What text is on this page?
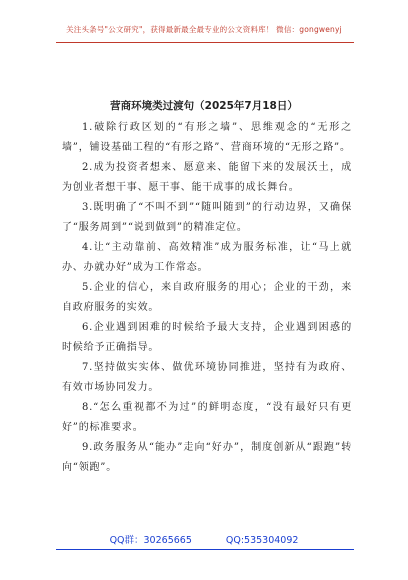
关注头条号"公文研究"，获得最新最全最专业的公文资料库！ 微信：gongwenyj
营商环境类过渡句（2025年7月18日）

1.破除行政区划的“有形之墙”、思维观念的“无形之墙”，铺设基础工程的“有形之路”、营商环境的“无形之路”。

2.成为投资者想来、愿意来、能留下来的发展沃土，成为创业者想干事、愿干事、能干成事的成长舞台。

3.既明确了“不叫不到”“随叫随到”的行动边界，又确保了“服务周到”“说到做到”的精准定位。

4.让“主动靠前、高效精准”成为服务标准，让“马上就办、办就办好”成为工作常态。

5.企业的信心，来自政府服务的用心；企业的干劲，来自政府服务的实效。

6.企业遇到困难的时候给予最大支持，企业遇到困惑的时候给予正确指导。

7.坚持做实实体、做优环境协同推进，坚持有为政府、有效市场协同发力。

8.“怎么重视都不为过”的鲜明态度，“没有最好只有更好”的标准要求。

9.政务服务从“能办”走向“好办”，制度创新从“跟跑”转向“领跑”。

QQ群：30265665	QQ:535304092
